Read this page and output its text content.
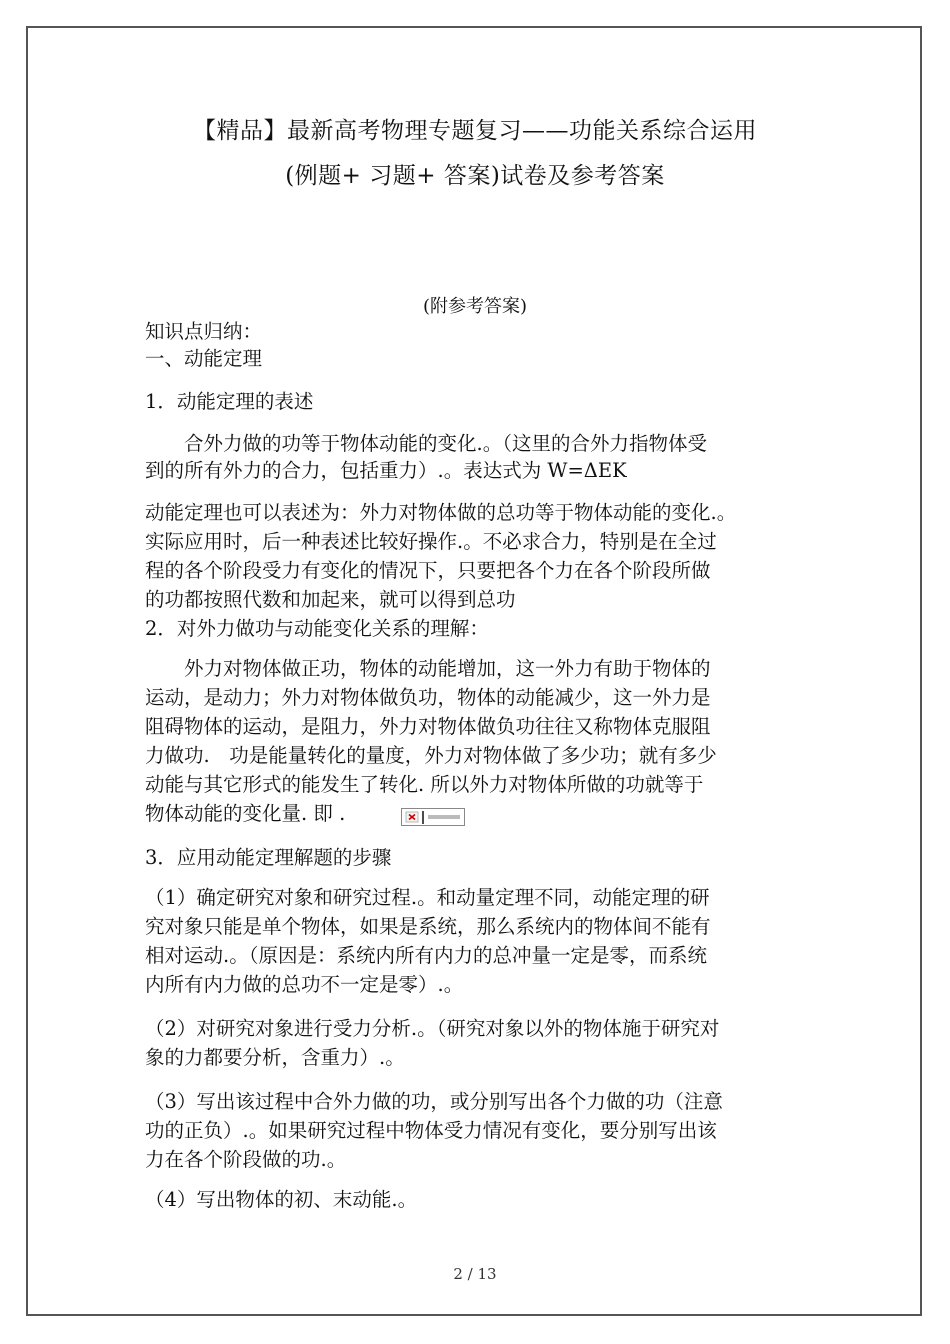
【精品】最新高考物理专题复习——功能关系综合运用
(例题+ 习题+ 答案)试卷及参考答案
(附参考答案)
知识点归纳：
一、动能定理
1．动能定理的表述
　　合外力做的功等于物体动能的变化.。（这里的合外力指物体受
到的所有外力的合力，包括重力）.。表达式为 W=ΔEK
动能定理也可以表述为：外力对物体做的总功等于物体动能的变化.。
实际应用时，后一种表述比较好操作.。不必求合力，特别是在全过
程的各个阶段受力有变化的情况下，只要把各个力在各个阶段所做
的功都按照代数和加起来，就可以得到总功
2．对外力做功与动能变化关系的理解：
　　外力对物体做正功，物体的动能增加，这一外力有助于物体的
运动，是动力；外力对物体做负功，物体的动能减少，这一外力是
阻碍物体的运动，是阻力，外力对物体做负功往往又称物体克服阻
力做功.　功是能量转化的量度，外力对物体做了多少功；就有多少
动能与其它形式的能发生了转化. 所以外力对物体所做的功就等于
物体动能的变化量. 即 .
3．应用动能定理解题的步骤
（1）确定研究对象和研究过程.。和动量定理不同，动能定理的研
究对象只能是单个物体，如果是系统，那么系统内的物体间不能有
相对运动.。（原因是：系统内所有内力的总冲量一定是零，而系统
内所有内力做的总功不一定是零）.。
（2）对研究对象进行受力分析.。（研究对象以外的物体施于研究对
象的力都要分析，含重力）.。
（3）写出该过程中合外力做的功，或分别写出各个力做的功（注意
功的正负）.。如果研究过程中物体受力情况有变化，要分别写出该
力在各个阶段做的功.。
（4）写出物体的初、末动能.。
2 / 13
